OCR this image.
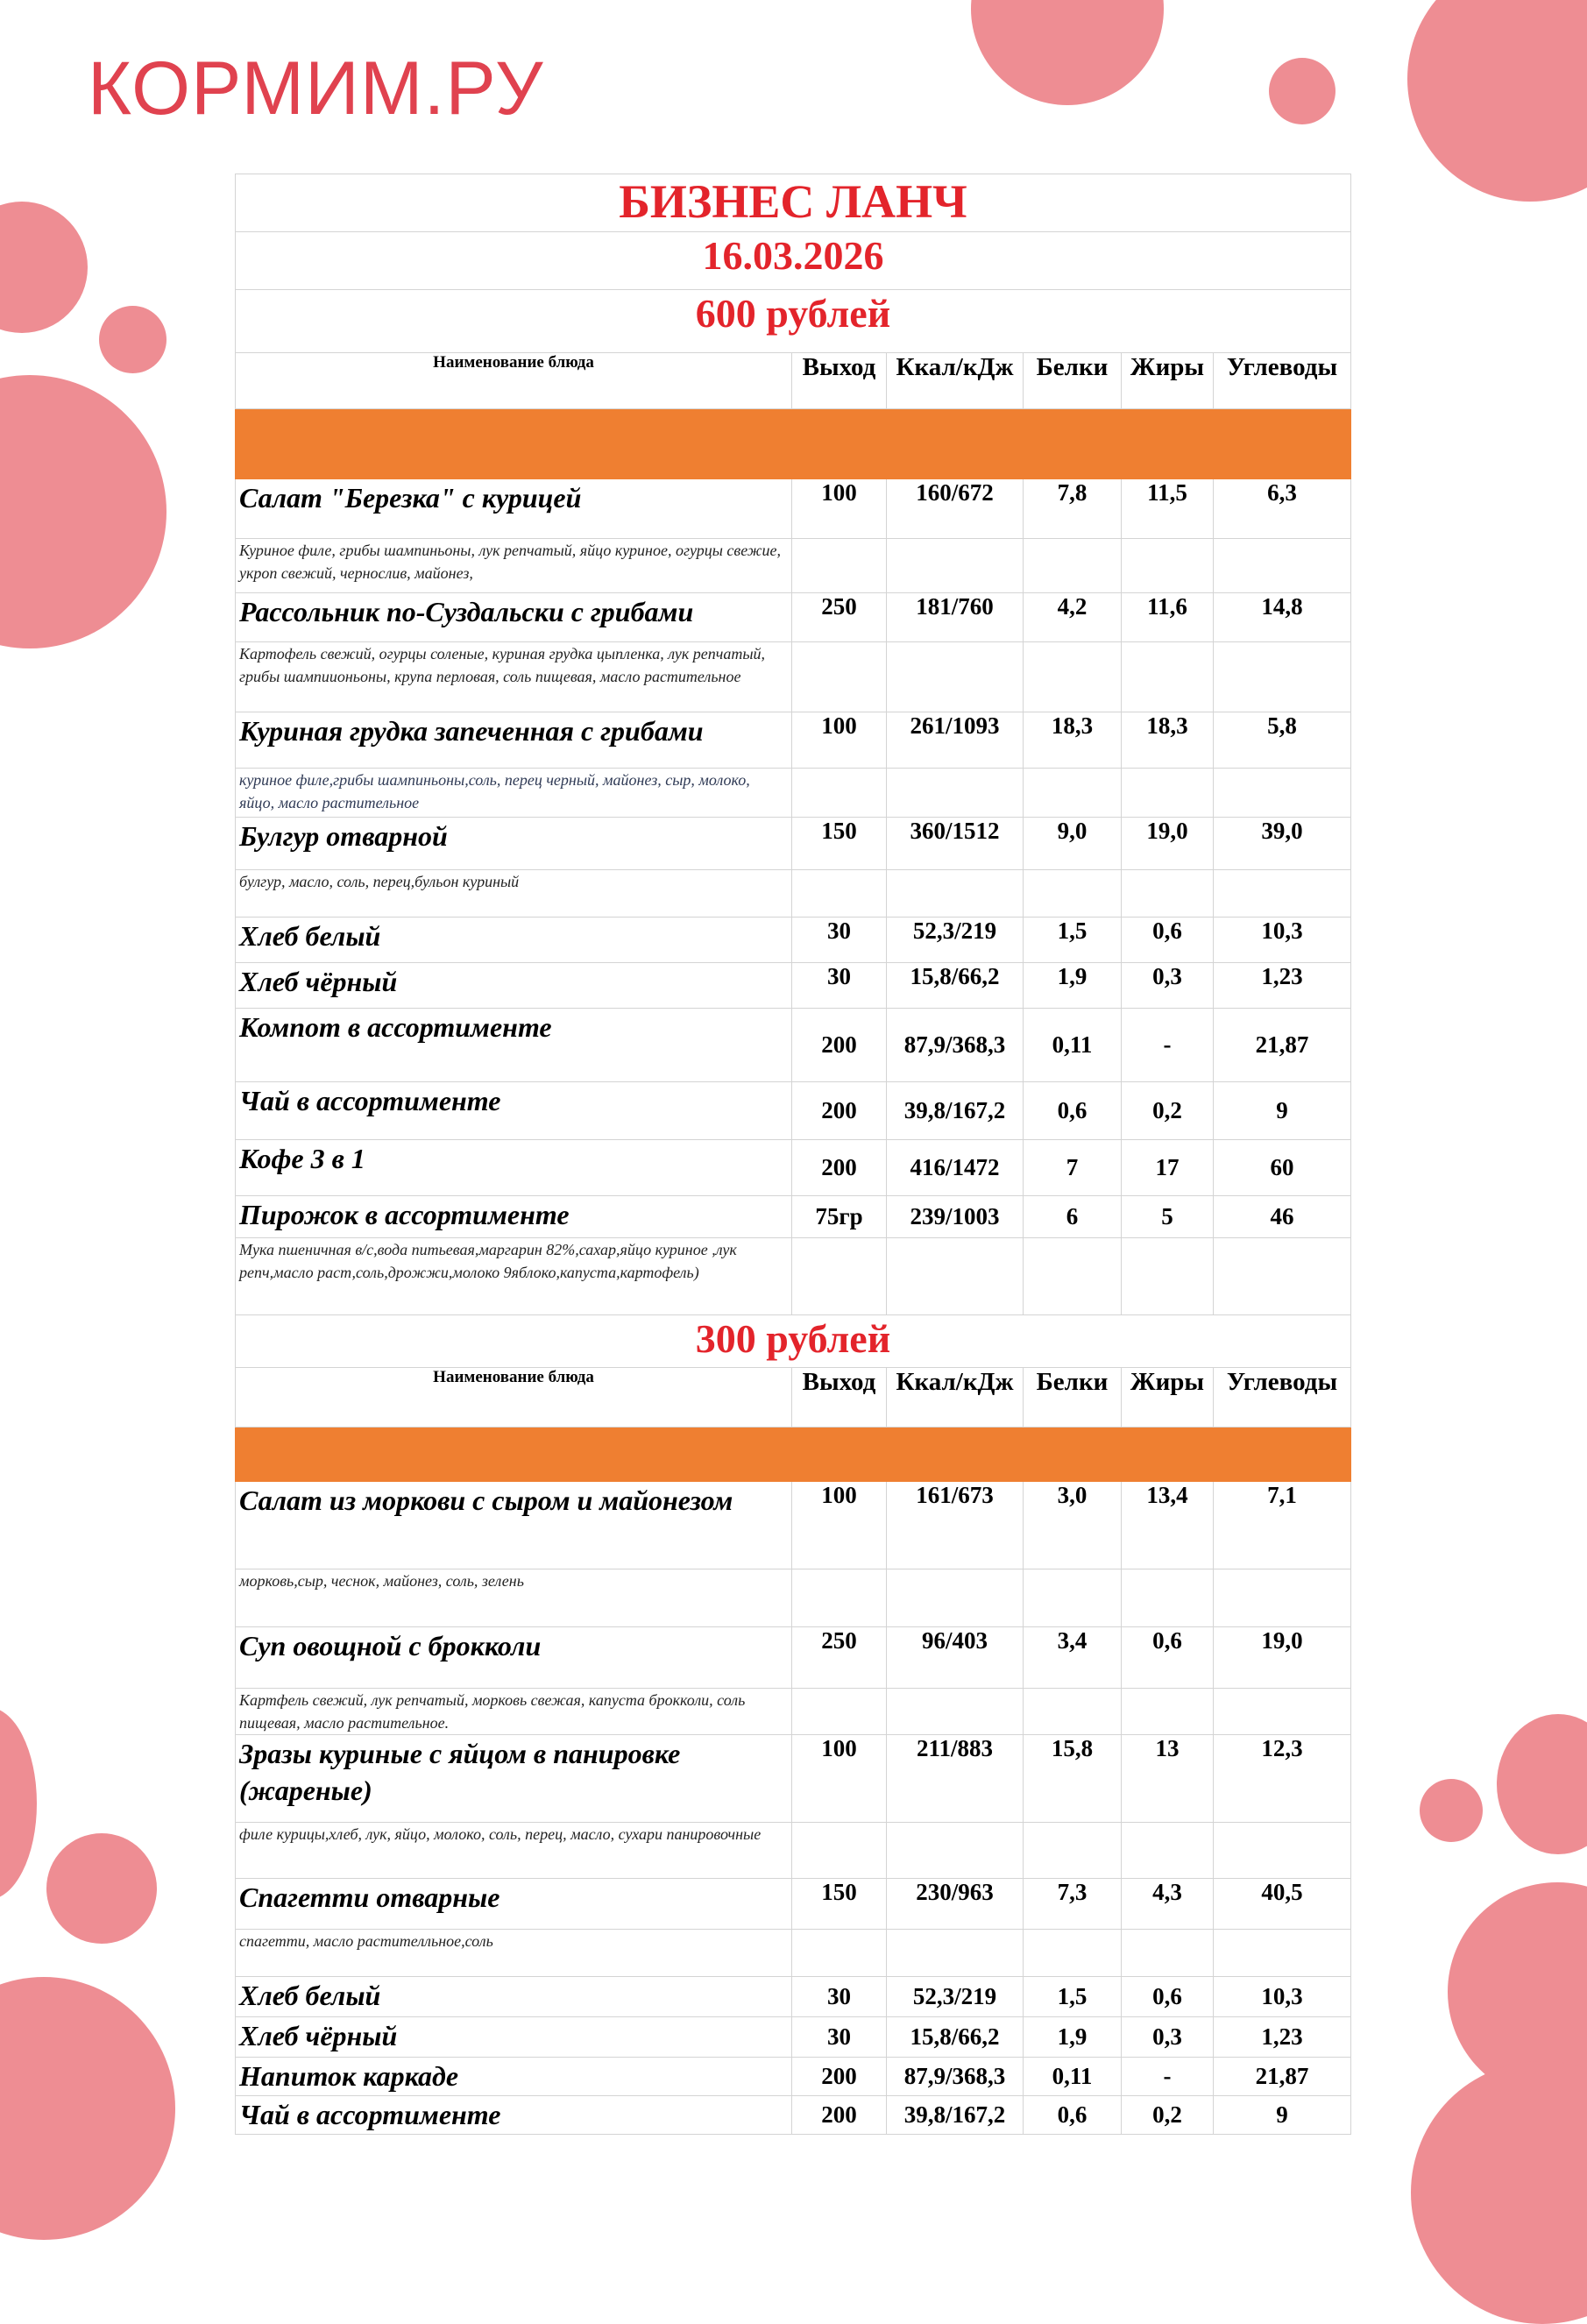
КОРМИМ.РУ
БИЗНЕС ЛАНЧ					
16.03.2026					
600 рублей					
Наименование блюда	Выход	Ккал/кДж	Белки	Жиры	Углеводы

Салат "Березка" с курицей	100	160/672	7,8	11,5	6,3
Куриное филе, грибы шампиньоны, лук репчатый, яйцо куриное, огурцы свежие, укроп свежий, чернослив, майонез,					
Рассольник по-Суздальски с грибами	250	181/760	4,2	11,6	14,8
Картофель свежий, огурцы соленые, куриная грудка цыпленка, лук репчатый, грибы шампиионьоны, крупа перловая, соль пищевая, масло растительное					
Куриная грудка запеченная с грибами	100	261/1093	18,3	18,3	5,8
куриное филе,грибы шампиньоны,соль, перец черный, майонез, сыр, молоко, яйцо, масло растительное					
Булгур отварной	150	360/1512	9,0	19,0	39,0
булгур, масло, соль, перец,бульон куриный					
Хлеб белый	30	52,3/219	1,5	0,6	10,3
Хлеб чёрный	30	15,8/66,2	1,9	0,3	1,23
Компот в ассортименте	200	87,9/368,3	0,11	-	21,87
Чай в ассортименте	200	39,8/167,2	0,6	0,2	9
Кофе 3 в 1	200	416/1472	7	17	60
Пирожок в ассортименте	75гр	239/1003	6	5	46
Мука пшеничная в/с,вода питьевая,маргарин 82%,сахар,яйцо куриное ,лук репч,масло раст,соль,дрожжи,молоко 9яблоко,капуста,картофель)					
300 рублей					
Наименование блюда	Выход	Ккал/кДж	Белки	Жиры	Углеводы

Салат из моркови с сыром и майонезом	100	161/673	3,0	13,4	7,1
морковь,сыр, чеснок, майонез, соль, зелень					
Суп овощной с брокколи	250	96/403	3,4	0,6	19,0
Картфель свежий, лук репчатый, морковь свежая, капуста брокколи, соль пищевая, масло растительное.					
Зразы куриные с яйцом в панировке (жареные)	100	211/883	15,8	13	12,3
филе курицы,хлеб, лук, яйцо, молоко, соль, перец, масло, сухари панировочные					
Спагетти отварные	150	230/963	7,3	4,3	40,5
спагетти, масло растителльное,соль					
Хлеб белый	30	52,3/219	1,5	0,6	10,3
Хлеб чёрный	30	15,8/66,2	1,9	0,3	1,23
Напиток каркаде	200	87,9/368,3	0,11	-	21,87
Чай в ассортименте	200	39,8/167,2	0,6	0,2	9
